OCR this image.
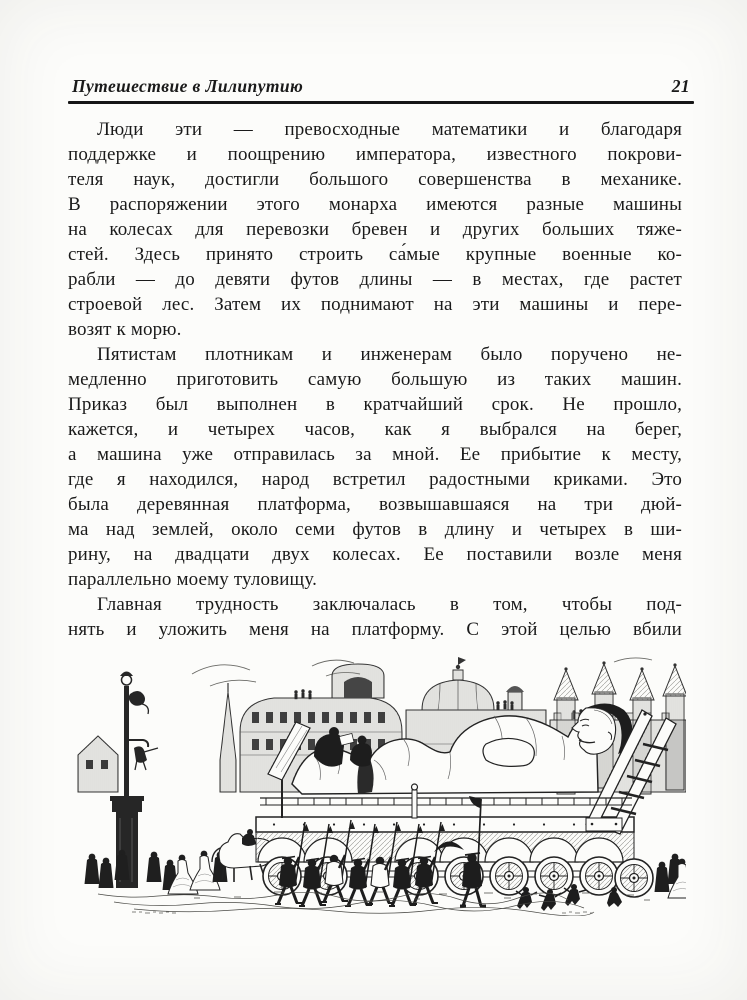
Путешествие в Лилипутию	21

Люди эти — превосходные математики и благодаря
поддержке и поощрению императора, известного покрови-
теля наук, достигли большого совершенства в механике.
В распоряжении этого монарха имеются разные машины
на колесах для перевозки бревен и других больших тяже-
стей. Здесь принято строить са́мые крупные военные ко-
рабли — до девяти футов длины — в местах, где растет
строевой лес. Затем их поднимают на эти машины и пере-
возят к морю.

Пятистам плотникам и инженерам было поручено не-
медленно приготовить самую большую из таких машин.
Приказ был выполнен в кратчайший срок. Не прошло,
кажется, и четырех часов, как я выбрался на берег,
а машина уже отправилась за мной. Ее прибытие к месту,
где я находился, народ встретил радостными криками. Это
была деревянная платформа, возвышавшаяся на три дюй-
ма над землей, около семи футов в длину и четырех в ши-
рину, на двадцати двух колесах. Ее поставили возле меня
параллельно моему туловищу.

Главная трудность заключалась в том, чтобы под-
нять и уложить меня на платформу. С этой целью вбили
